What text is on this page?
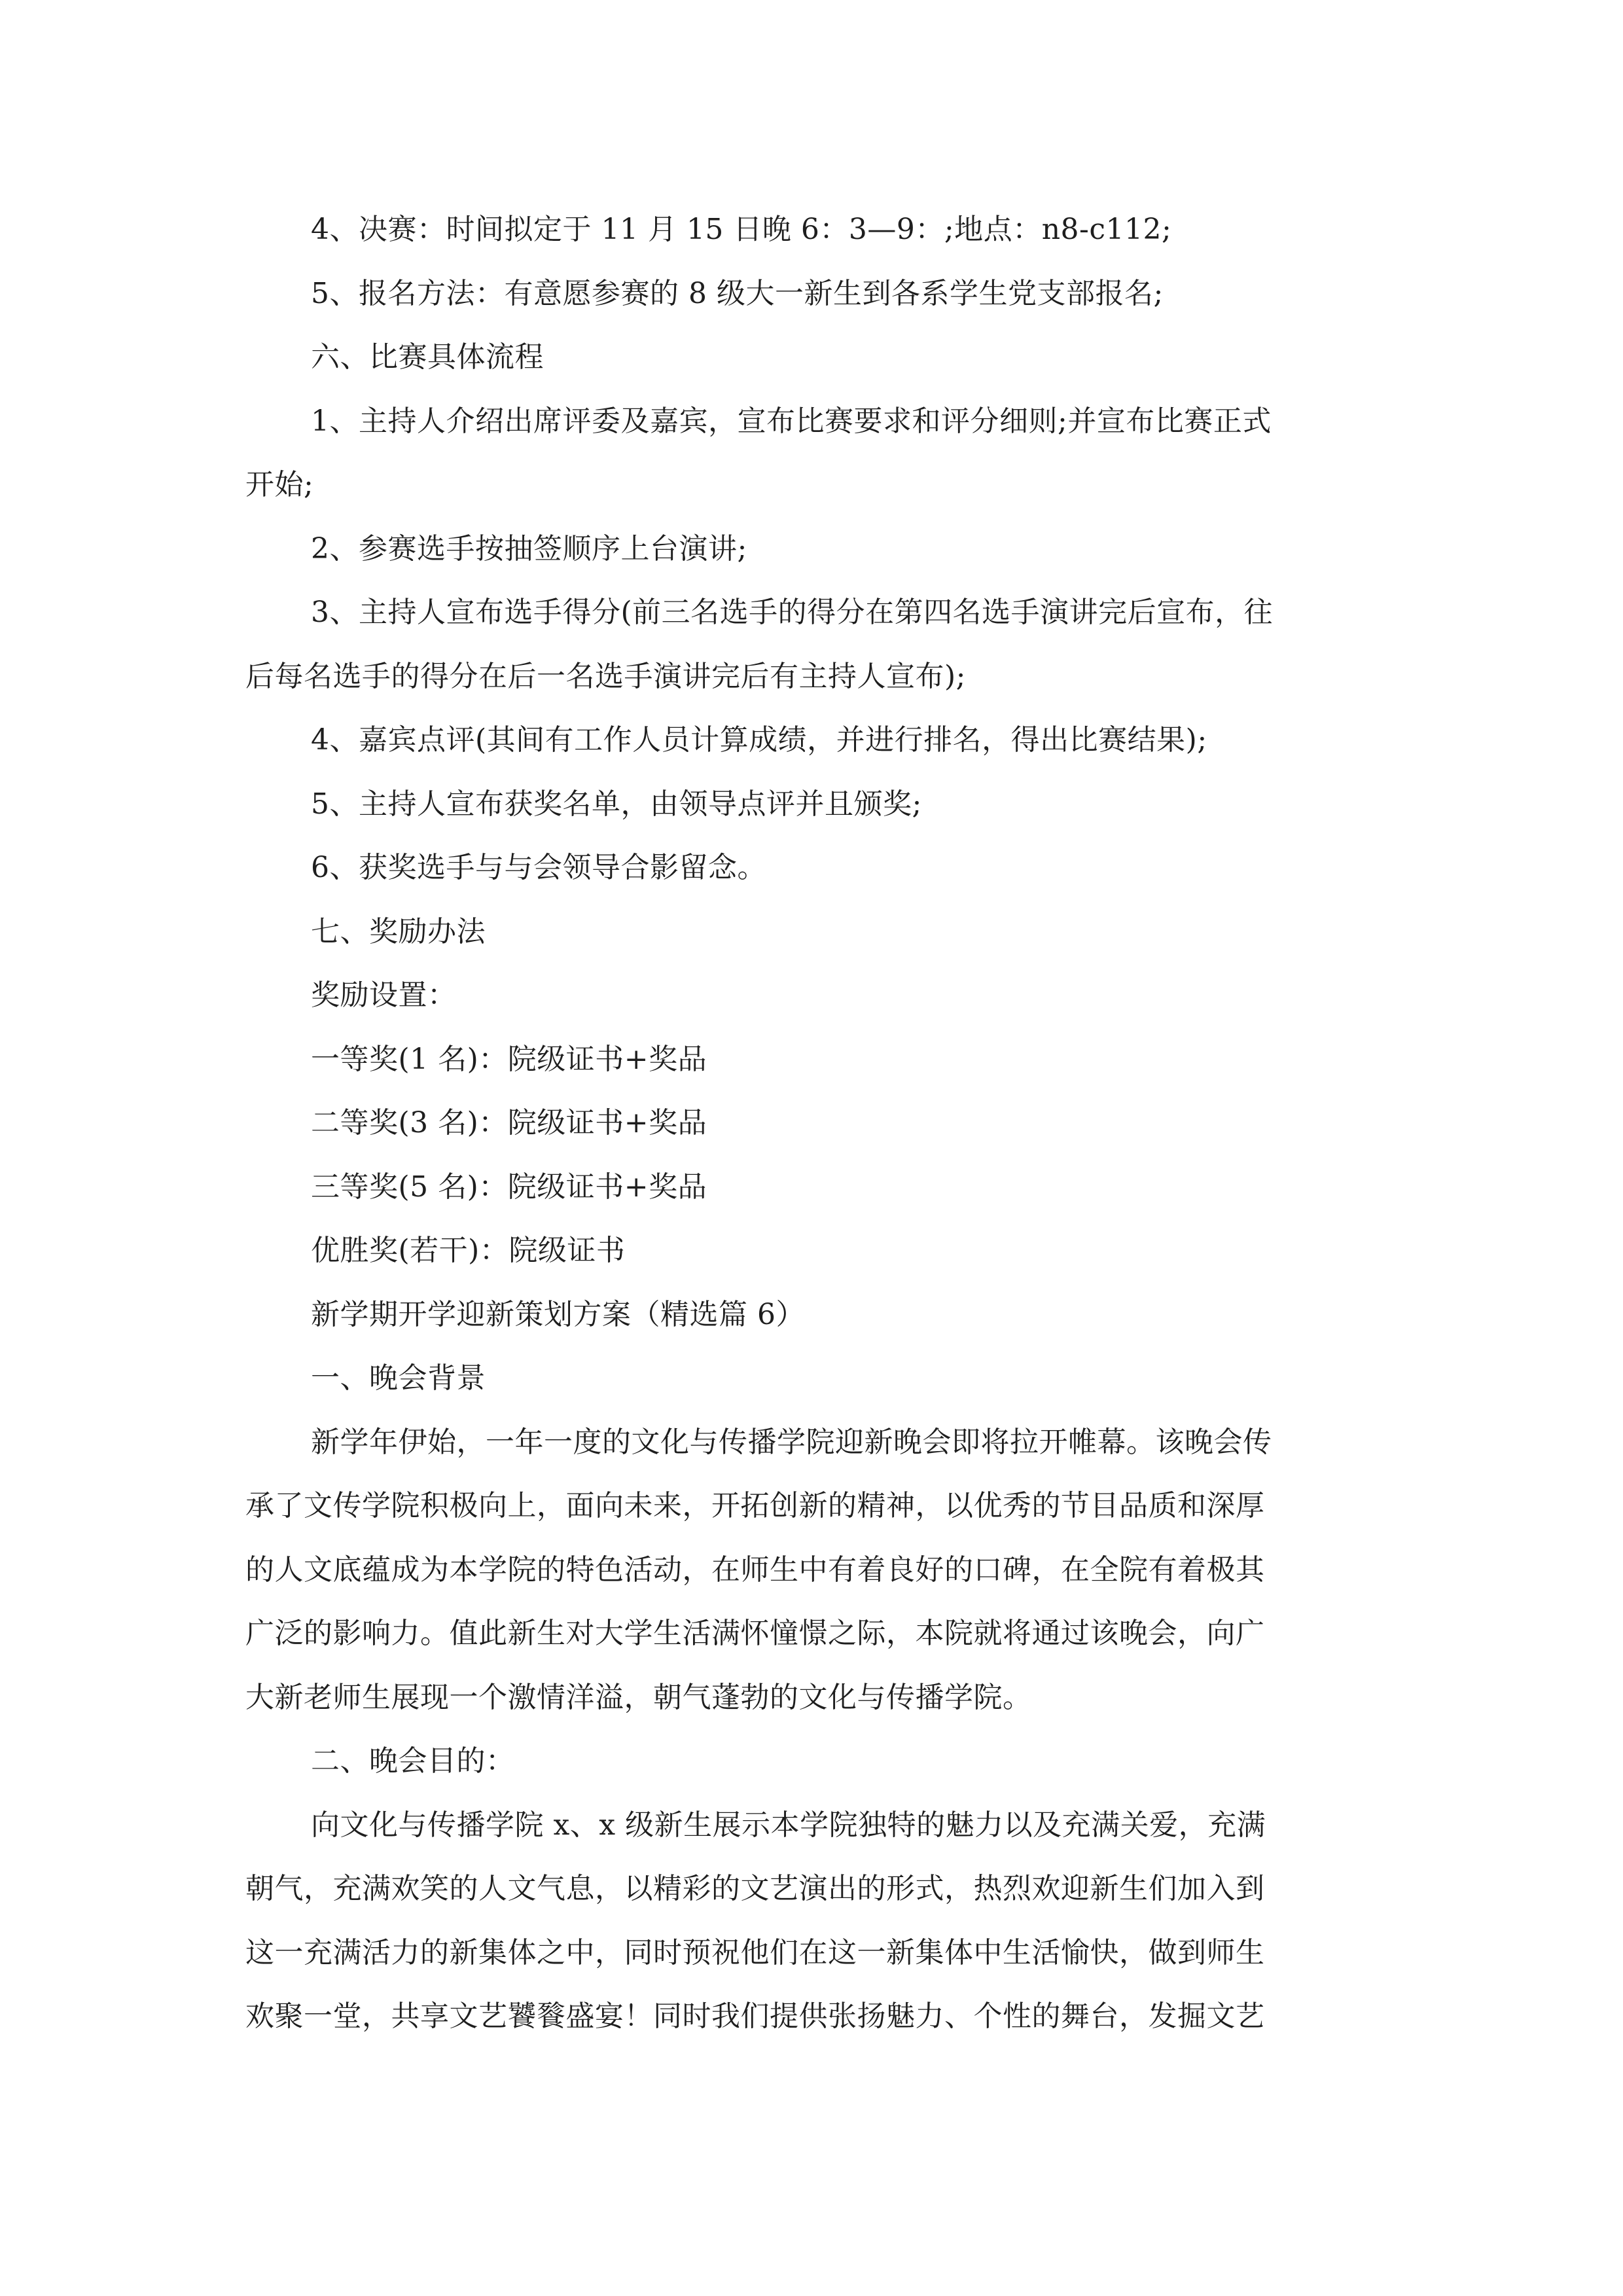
4、决赛：时间拟定于 11 月 15 日晚 6：3—9：;地点：n8-c112;
5、报名方法：有意愿参赛的 8 级大一新生到各系学生党支部报名;
六、比赛具体流程
1、主持人介绍出席评委及嘉宾，宣布比赛要求和评分细则;并宣布比赛正式
开始;
2、参赛选手按抽签顺序上台演讲;
3、主持人宣布选手得分(前三名选手的得分在第四名选手演讲完后宣布，往
后每名选手的得分在后一名选手演讲完后有主持人宣布);
4、嘉宾点评(其间有工作人员计算成绩，并进行排名，得出比赛结果);
5、主持人宣布获奖名单，由领导点评并且颁奖;
6、获奖选手与与会领导合影留念。
七、奖励办法
奖励设置：
一等奖(1 名)：院级证书+奖品
二等奖(3 名)：院级证书+奖品
三等奖(5 名)：院级证书+奖品
优胜奖(若干)：院级证书
新学期开学迎新策划方案（精选篇 6）
一、晚会背景
新学年伊始，一年一度的文化与传播学院迎新晚会即将拉开帷幕。该晚会传
承了文传学院积极向上，面向未来，开拓创新的精神，以优秀的节目品质和深厚
的人文底蕴成为本学院的特色活动，在师生中有着良好的口碑，在全院有着极其
广泛的影响力。值此新生对大学生活满怀憧憬之际，本院就将通过该晚会，向广
大新老师生展现一个激情洋溢，朝气蓬勃的文化与传播学院。
二、晚会目的：
向文化与传播学院 x、x 级新生展示本学院独特的魅力以及充满关爱，充满
朝气，充满欢笑的人文气息，以精彩的文艺演出的形式，热烈欢迎新生们加入到
这一充满活力的新集体之中，同时预祝他们在这一新集体中生活愉快，做到师生
欢聚一堂，共享文艺饕餮盛宴！同时我们提供张扬魅力、个性的舞台，发掘文艺
